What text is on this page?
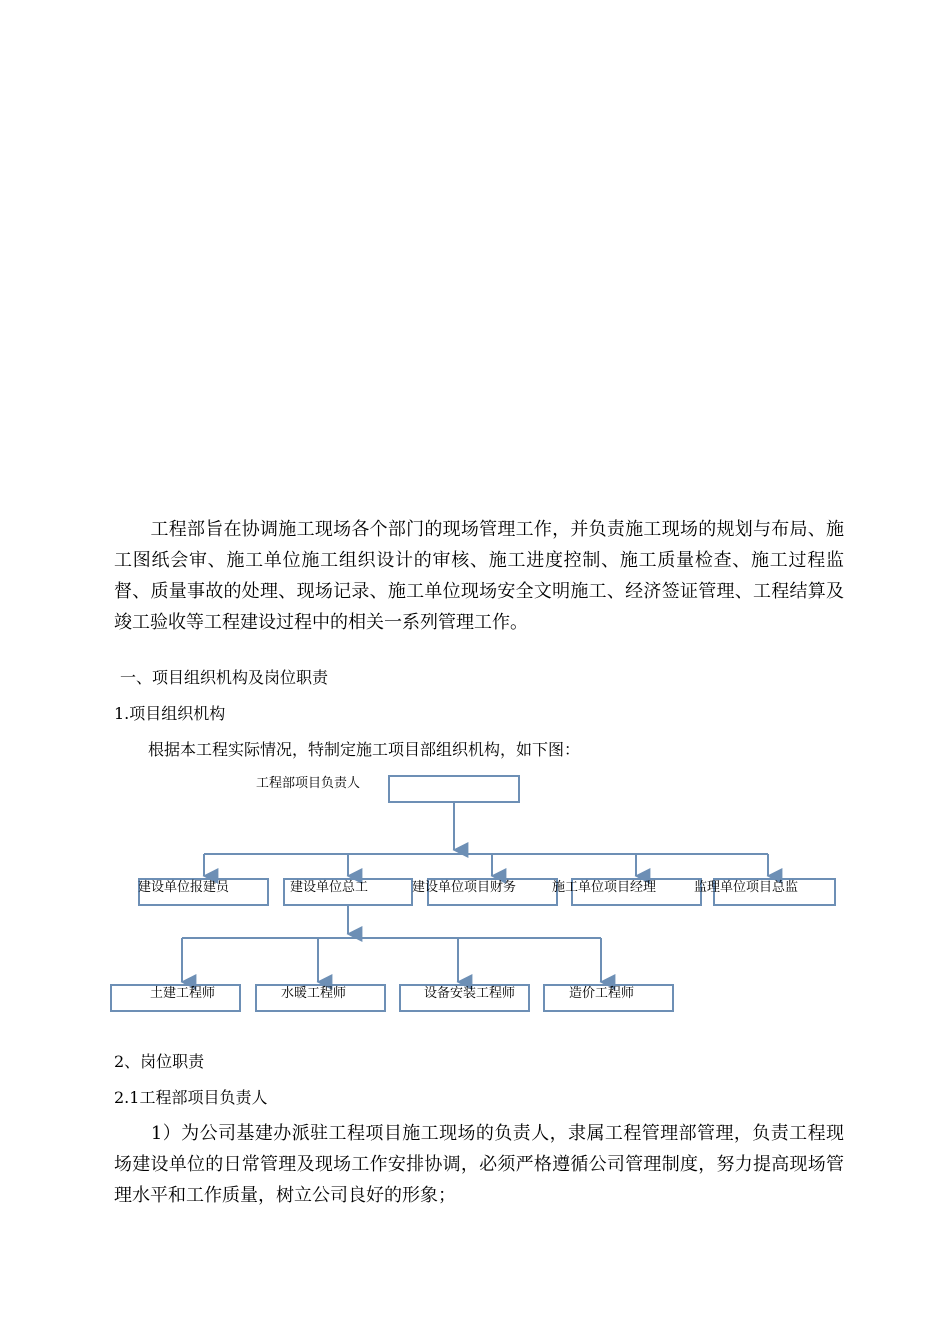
　　工程部旨在协调施工现场各个部门的现场管理工作，并负责施工现场的规划与布局、施工图纸会审、施工单位施工组织设计的审核、施工进度控制、施工质量检查、施工过程监督、质量事故的处理、现场记录、施工单位现场安全文明施工、经济签证管理、工程结算及竣工验收等工程建设过程中的相关一系列管理工作。

一、项目组织机构及岗位职责

1.项目组织机构

根据本工程实际情况，特制定施工项目部组织机构，如下图：

工程部项目负责人

建设单位报建员	建设单位总工	建设单位项目财务	施工单位项目经理	监理单位项目总监
土建工程师	水暖工程师	设备安装工程师	造价工程师

2、岗位职责

2.1工程部项目负责人

　　1）为公司基建办派驻工程项目施工现场的负责人，隶属工程管理部管理，负责工程现场建设单位的日常管理及现场工作安排协调，必须严格遵循公司管理制度，努力提高现场管理水平和工作质量，树立公司良好的形象；
